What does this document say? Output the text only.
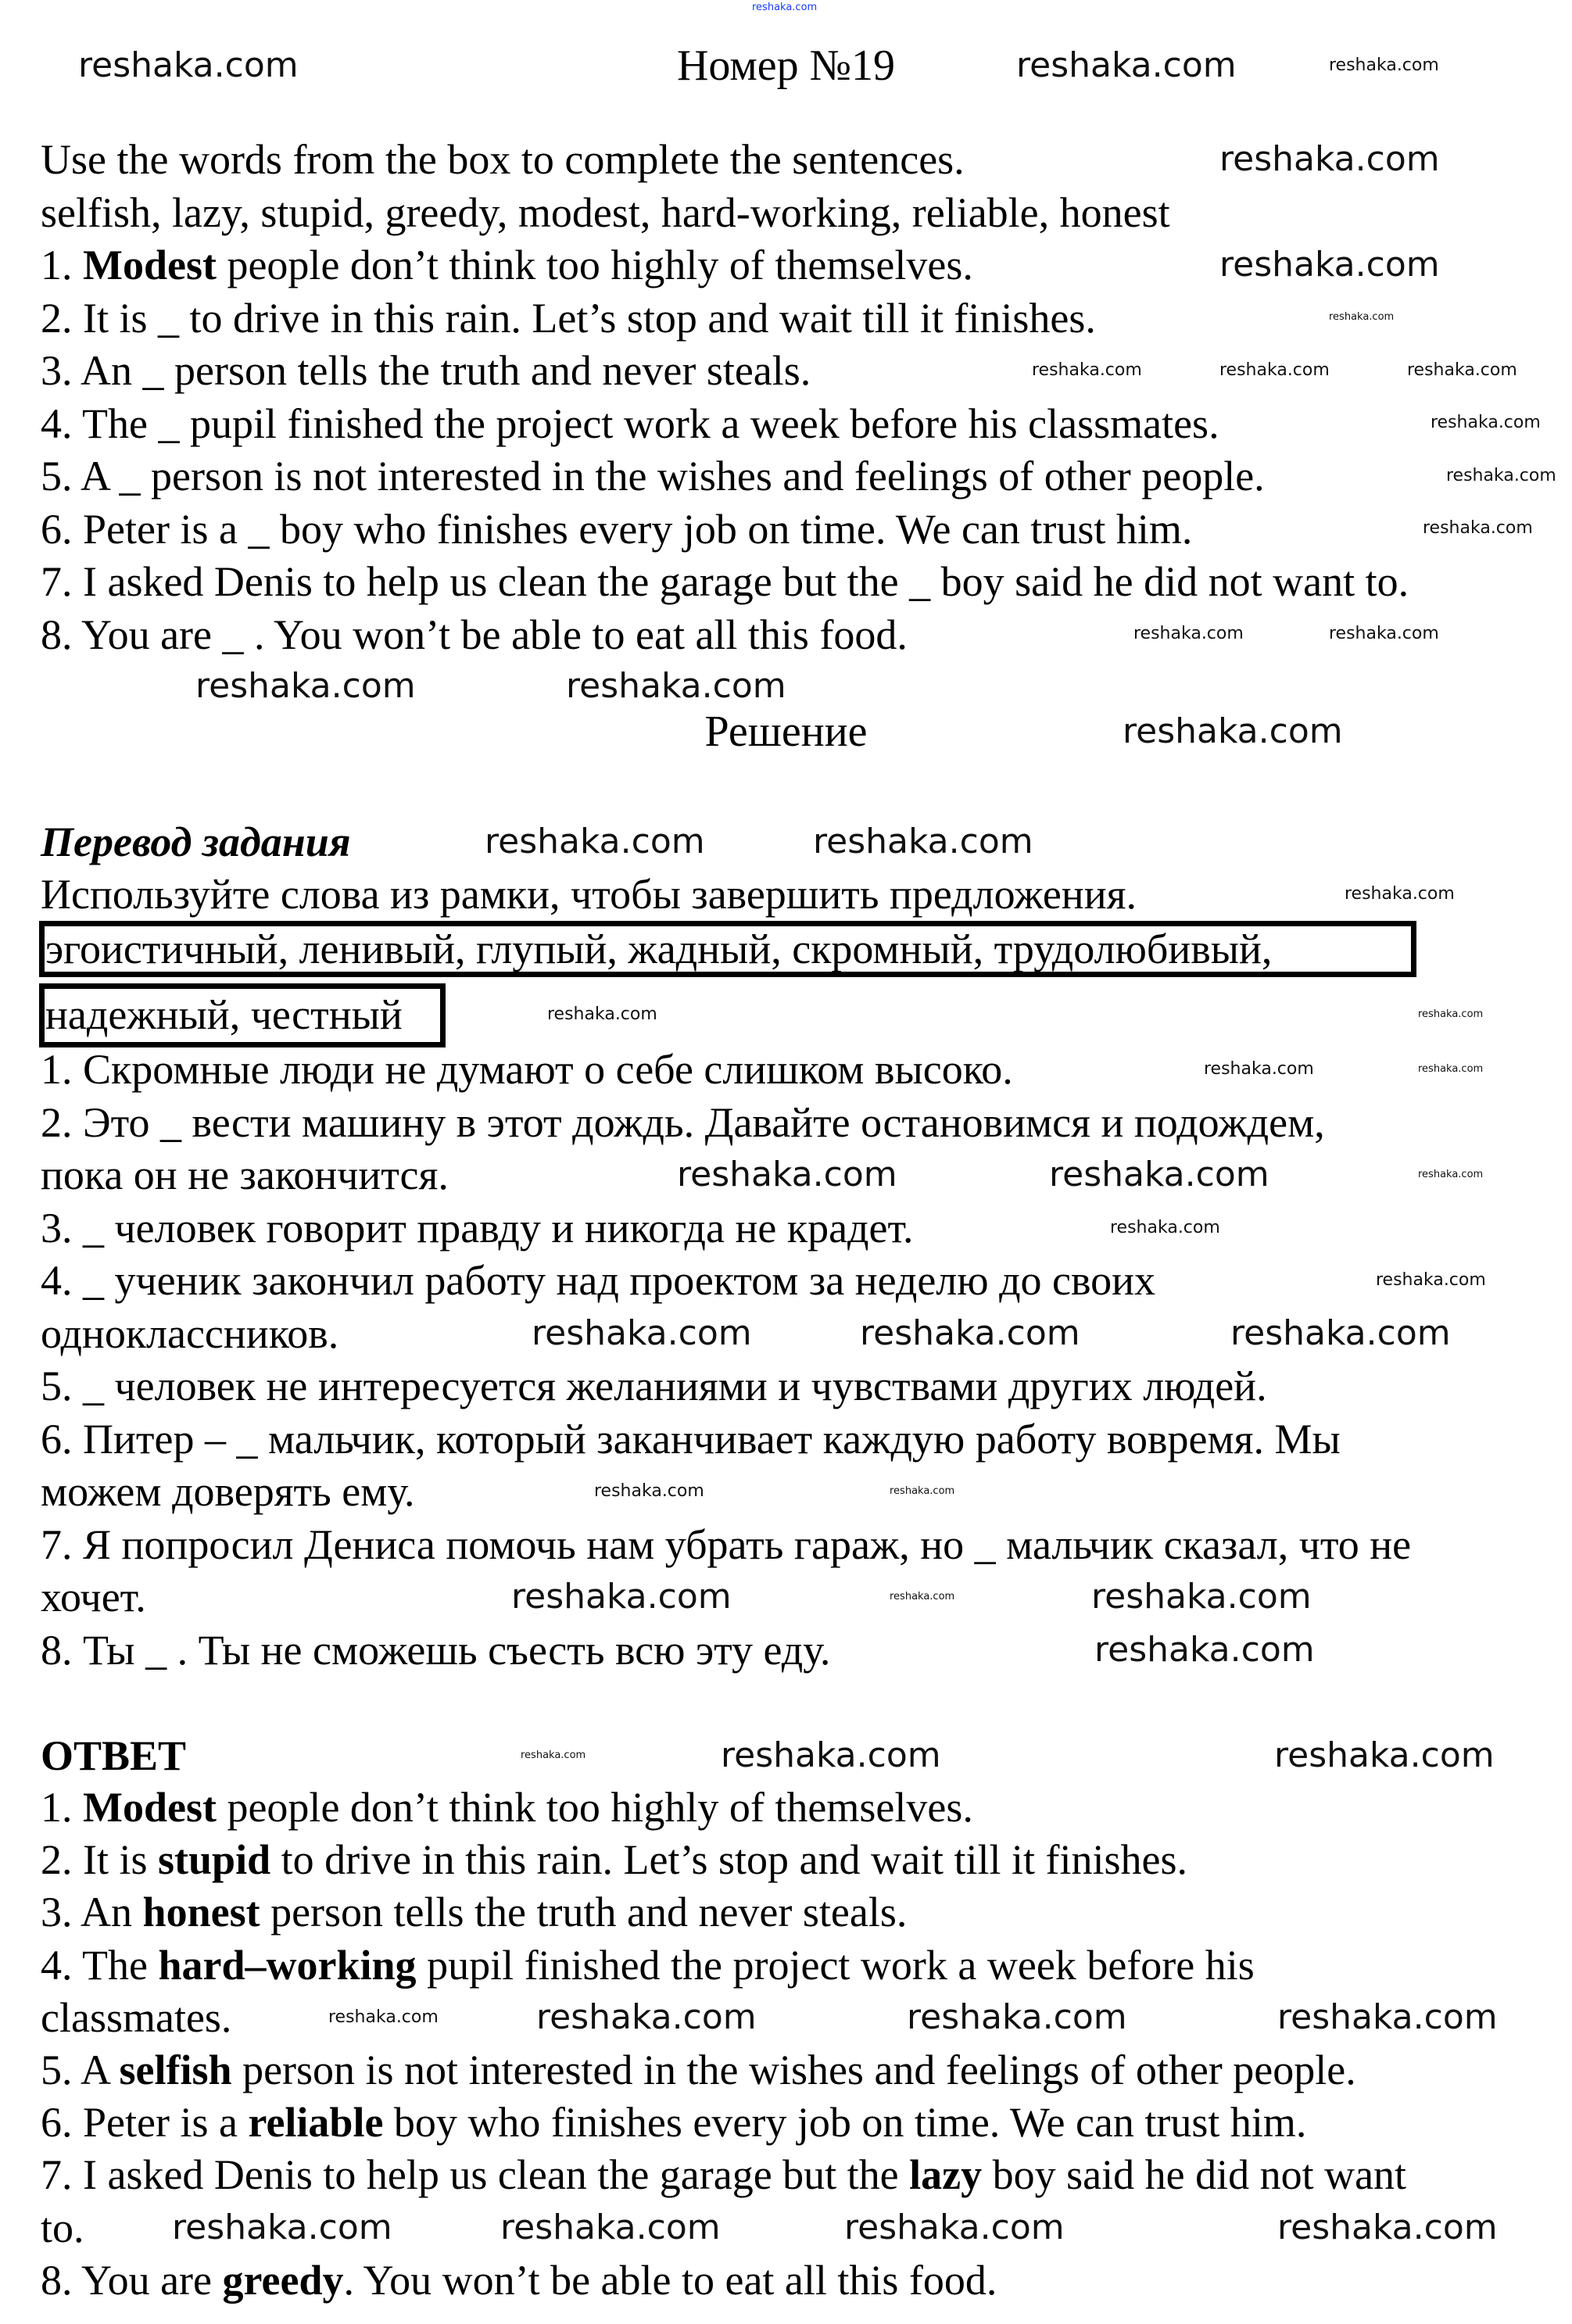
Номер №19
Use the words from the box to complete the sentences.
selfish, lazy, stupid, greedy, modest, hard-working, reliable, honest
1. Modest people don’t think too highly of themselves.
2. It is _ to drive in this rain. Let’s stop and wait till it finishes.
3. An _ person tells the truth and never steals.
4. The _ pupil finished the project work a week before his classmates.
5. A _ person is not interested in the wishes and feelings of other people.
6. Peter is a _ boy who finishes every job on time. We can trust him.
7. I asked Denis to help us clean the garage but the _ boy said he did not want to.
8. You are _ . You won’t be able to eat all this food.
Решение
Перевод задания
Используйте слова из рамки, чтобы завершить предложения.
эгоистичный, ленивый, глупый, жадный, скромный, трудолюбивый,
надежный, честный
1. Скромные люди не думают о себе слишком высоко.
2. Это _ вести машину в этот дождь. Давайте остановимся и подождем,
пока он не закончится.
3. _ человек говорит правду и никогда не крадет.
4. _ ученик закончил работу над проектом за неделю до своих
одноклассников.
5. _ человек не интересуется желаниями и чувствами других людей.
6. Питер – _ мальчик, который заканчивает каждую работу вовремя. Мы
можем доверять ему.
7. Я попросил Дениса помочь нам убрать гараж, но _ мальчик сказал, что не
хочет.
8. Ты _ . Ты не сможешь съесть всю эту еду.
ОТВЕТ
1. Modest people don’t think too highly of themselves.
2. It is stupid to drive in this rain. Let’s stop and wait till it finishes.
3. An honest person tells the truth and never steals.
4. The hard–working pupil finished the project work a week before his
classmates.
5. A selfish person is not interested in the wishes and feelings of other people.
6. Peter is a reliable boy who finishes every job on time. We can trust him.
7. I asked Denis to help us clean the garage but the lazy boy said he did not want
to.
8. You are greedy. You won’t be able to eat all this food.
reshaka.com
reshaka.com	reshaka.com	reshaka.com
reshaka.com
reshaka.com
reshaka.com	reshaka.com	reshaka.com
reshaka.com
reshaka.com
reshaka.com
reshaka.com
reshaka.com	reshaka.com
reshaka.com	reshaka.com
reshaka.com
reshaka.com	reshaka.com
reshaka.com
reshaka.com	reshaka.com
reshaka.com
reshaka.com
reshaka.com
reshaka.com
reshaka.com
reshaka.com
reshaka.com
reshaka.com
reshaka.com	reshaka.com
reshaka.com	reshaka.com
reshaka.com
reshaka.com	reshaka.com
reshaka.com
reshaka.com	reshaka.com	reshaka.com
reshaka.com	reshaka.com	reshaka.com	reshaka.com
reshaka.com	reshaka.com	reshaka.com	reshaka.com
